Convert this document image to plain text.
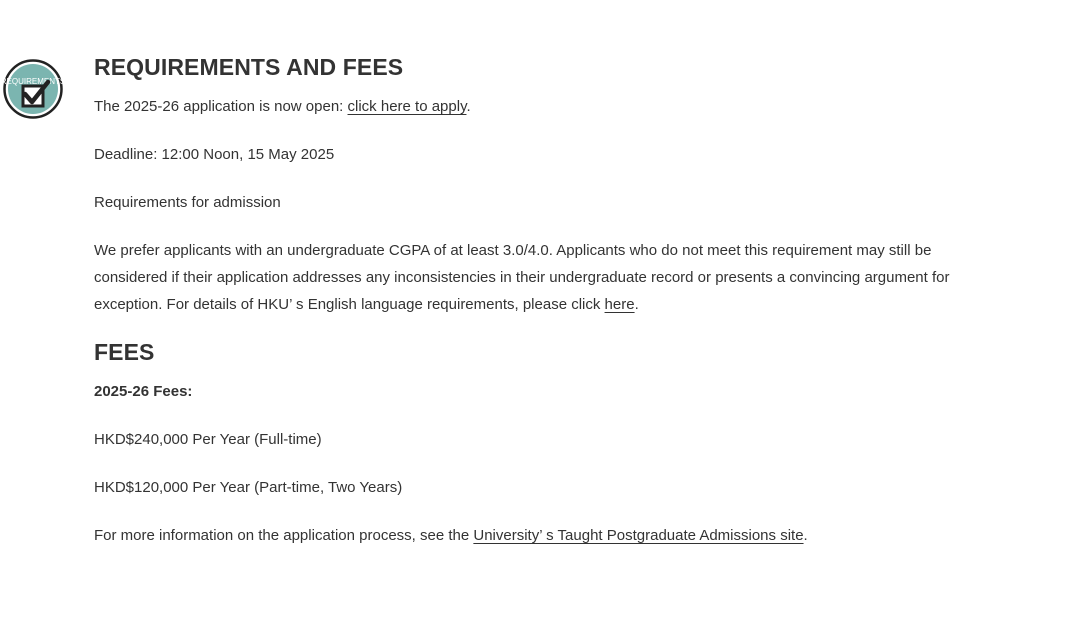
REQUIREMENTS
REQUIREMENTS AND FEES

The 2025-26 application is now open: click here to apply.

Deadline: 12:00 Noon, 15 May 2025

Requirements for admission

We prefer applicants with an undergraduate CGPA of at least 3.0/4.0. Applicants who do not meet this requirement may still be considered if their application addresses any inconsistencies in their undergraduate record or presents a convincing argument for exception. For details of HKU’ s English language requirements, please click here.

FEES

2025-26 Fees:

HKD$240,000 Per Year (Full-time)

HKD$120,000 Per Year (Part-time, Two Years)

For more information on the application process, see the University’ s Taught Postgraduate Admissions site.
